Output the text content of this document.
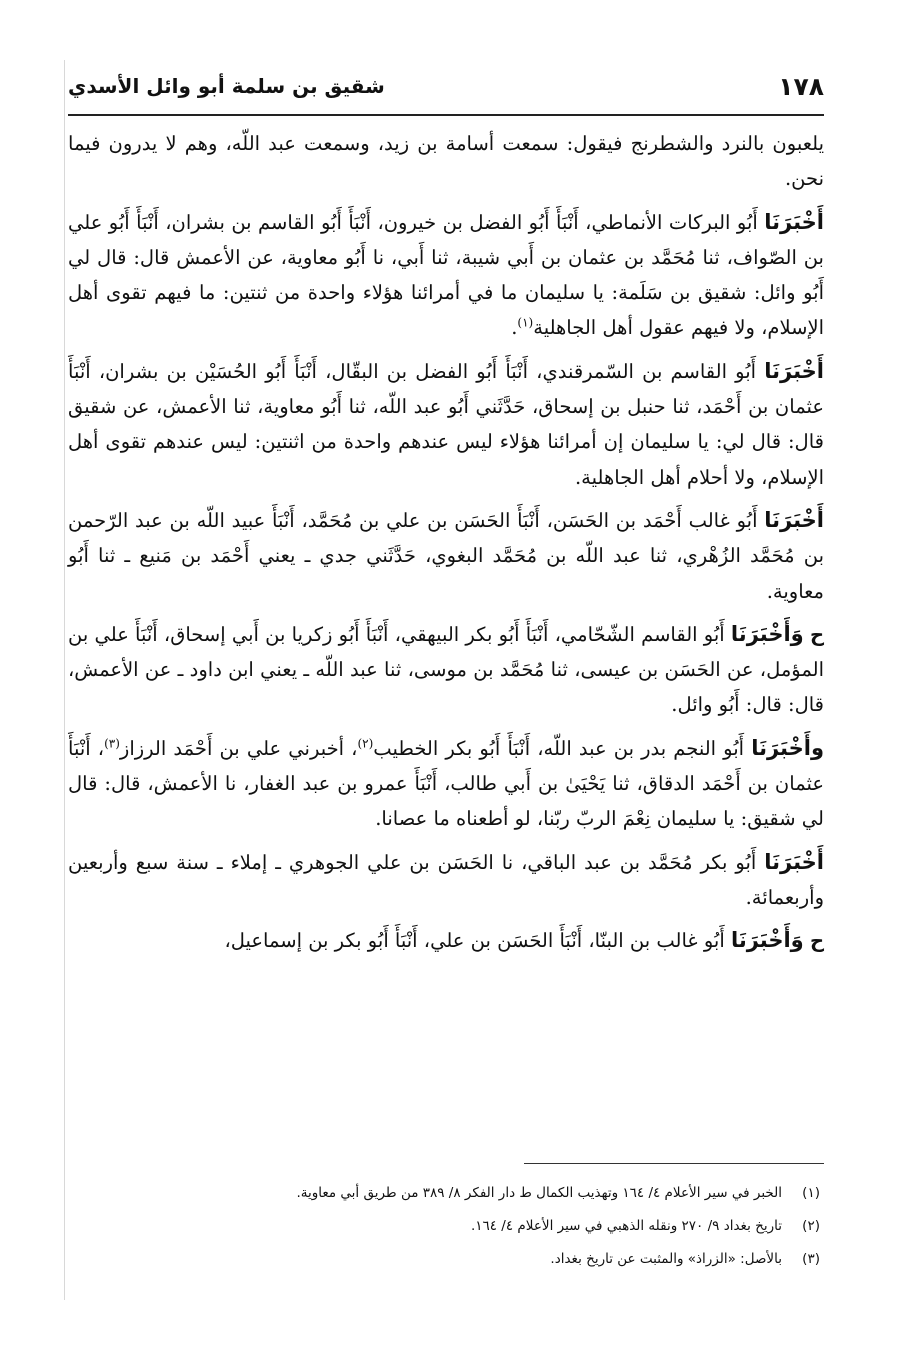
١٧٨
شقيق بن سلمة أبو وائل الأسدي

يلعبون بالنرد والشطرنج فيقول: سمعت أسامة بن زيد، وسمعت عبد اللّه، وهم لا يدرون فيما نحن.

أَخْبَرَنَا أَبُو البركات الأنماطي، أَنْبَأَ أَبُو الفضل بن خيرون، أَنْبَأَ أَبُو القاسم بن بشران، أَنْبَأَ أَبُو علي بن الصّواف، ثنا مُحَمَّد بن عثمان بن أَبي شيبة، ثنا أَبي، نا أَبُو معاوية، عن الأعمش قال: قال لي أَبُو وائل: شقيق بن سَلَمة: يا سليمان ما في أمرائنا هؤلاء واحدة من ثنتين: ما فيهم تقوى أهل الإسلام، ولا فيهم عقول أهل الجاهلية$^{(١)}$.

أَخْبَرَنَا أَبُو القاسم بن السّمرقندي، أَنْبَأَ أَبُو الفضل بن البقّال، أَنْبَأَ أَبُو الحُسَيْن بن بشران، أَنْبَأَ عثمان بن أَحْمَد، ثنا حنبل بن إسحاق، حَدَّثَني أَبُو عبد اللّه، ثنا أَبُو معاوية، ثنا الأعمش، عن شقيق قال: قال لي: يا سليمان إن أمرائنا هؤلاء ليس عندهم واحدة من اثنتين: ليس عندهم تقوى أهل الإسلام، ولا أحلام أهل الجاهلية.

أَخْبَرَنَا أَبُو غالب أَحْمَد بن الحَسَن، أَنْبَأَ الحَسَن بن علي بن مُحَمَّد، أَنْبَأَ عبيد اللّه بن عبد الرّحمن بن مُحَمَّد الزُهْري، ثنا عبد اللّه بن مُحَمَّد البغوي، حَدَّثَني جدي ـ يعني أَحْمَد بن مَنيع ـ ثنا أَبُو معاوية.

ح وَأَخْبَرَنَا أَبُو القاسم الشّحّامي، أَنْبَأَ أَبُو بكر البيهقي، أَنْبَأَ أَبُو زكريا بن أَبي إسحاق، أَنْبَأَ علي بن المؤمل، عن الحَسَن بن عيسى، ثنا مُحَمَّد بن موسى، ثنا عبد اللّه ـ يعني ابن داود ـ عن الأعمش، قال: قال: أَبُو وائل.

وأَخْبَرَنَا أَبُو النجم بدر بن عبد اللّه، أَنْبَأَ أَبُو بكر الخطيب$^{(٢)}$، أخبرني علي بن أَحْمَد الرزاز$^{(٣)}$، أَنْبَأَ عثمان بن أَحْمَد الدقاق، ثنا يَحْيَىٰ بن أَبي طالب، أَنْبَأَ عمرو بن عبد الغفار، نا الأعمش، قال: قال لي شقيق: يا سليمان نِعْمَ الربّ ربّنا، لو أطعناه ما عصانا.

أَخْبَرَنَا أَبُو بكر مُحَمَّد بن عبد الباقي، نا الحَسَن بن علي الجوهري ـ إملاء ـ سنة سبع وأربعين وأربعمائة.

ح وَأَخْبَرَنَا أَبُو غالب بن البنّا، أَنْبَأَ الحَسَن بن علي، أَنْبَأَ أَبُو بكر بن إسماعيل،

(١)الخبر في سير الأعلام ٤/ ١٦٤ وتهذيب الكمال ط دار الفكر ٨/ ٣٨٩ من طريق أبي معاوية.
(٢)تاريخ بغداد ٩/ ٢٧٠ ونقله الذهبي في سير الأعلام ٤/ ١٦٤.
(٣)بالأصل: «الزراذ» والمثبت عن تاريخ بغداد.
